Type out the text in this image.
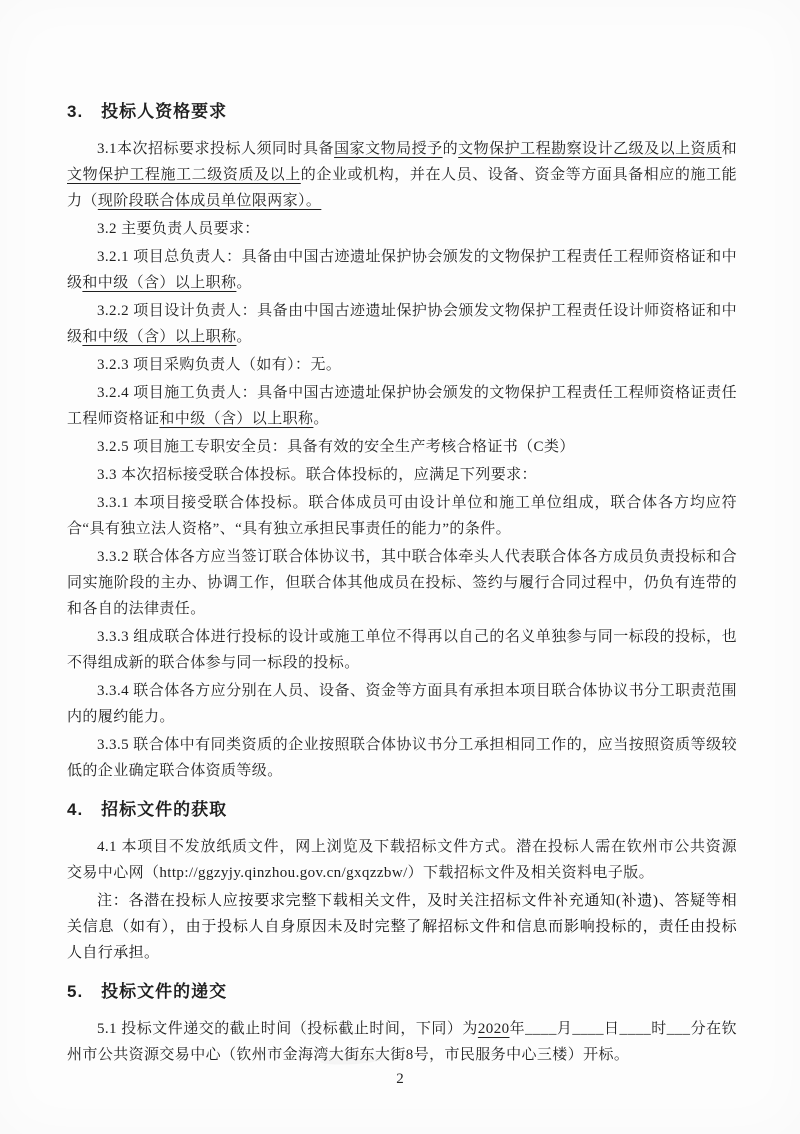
3.　投标人资格要求

3.1本次招标要求投标人须同时具备国家文物局授予的文物保护工程勘察设计乙级及以上资质和文物保护工程施工二级资质及以上的企业或机构，并在人员、设备、资金等方面具备相应的施工能力（现阶段联合体成员单位限两家）。

3.2 主要负责人员要求：

3.2.1 项目总负责人：具备由中国古迹遗址保护协会颁发的文物保护工程责任工程师资格证和中级和中级（含）以上职称。

3.2.2 项目设计负责人：具备由中国古迹遗址保护协会颁发文物保护工程责任设计师资格证和中级和中级（含）以上职称。

3.2.3 项目采购负责人（如有）：无。

3.2.4 项目施工负责人：具备中国古迹遗址保护协会颁发的文物保护工程责任工程师资格证责任工程师资格证和中级（含）以上职称。

3.2.5 项目施工专职安全员：具备有效的安全生产考核合格证书（C类）

3.3 本次招标接受联合体投标。联合体投标的，应满足下列要求：

3.3.1 本项目接受联合体投标。联合体成员可由设计单位和施工单位组成，联合体各方均应符合“具有独立法人资格”、“具有独立承担民事责任的能力”的条件。

3.3.2 联合体各方应当签订联合体协议书，其中联合体牵头人代表联合体各方成员负责投标和合同实施阶段的主办、协调工作，但联合体其他成员在投标、签约与履行合同过程中，仍负有连带的和各自的法律责任。

3.3.3 组成联合体进行投标的设计或施工单位不得再以自己的名义单独参与同一标段的投标，也不得组成新的联合体参与同一标段的投标。

3.3.4 联合体各方应分别在人员、设备、资金等方面具有承担本项目联合体协议书分工职责范围内的履约能力。

3.3.5 联合体中有同类资质的企业按照联合体协议书分工承担相同工作的，应当按照资质等级较低的企业确定联合体资质等级。

4.　招标文件的获取

4.1 本项目不发放纸质文件，网上浏览及下载招标文件方式。潜在投标人需在钦州市公共资源交易中心网（http://ggzyjy.qinzhou.gov.cn/gxqzzbw/）下载招标文件及相关资料电子版。

注：各潜在投标人应按要求完整下载相关文件，及时关注招标文件补充通知(补遗)、答疑等相关信息（如有），由于投标人自身原因未及时完整了解招标文件和信息而影响投标的，责任由投标人自行承担。

5.　投标文件的递交

5.1 投标文件递交的截止时间（投标截止时间，下同）为2020年____月____日____时___分在钦州市公共资源交易中心（钦州市金海湾大街东大街8号，市民服务中心三楼）开标。

2
